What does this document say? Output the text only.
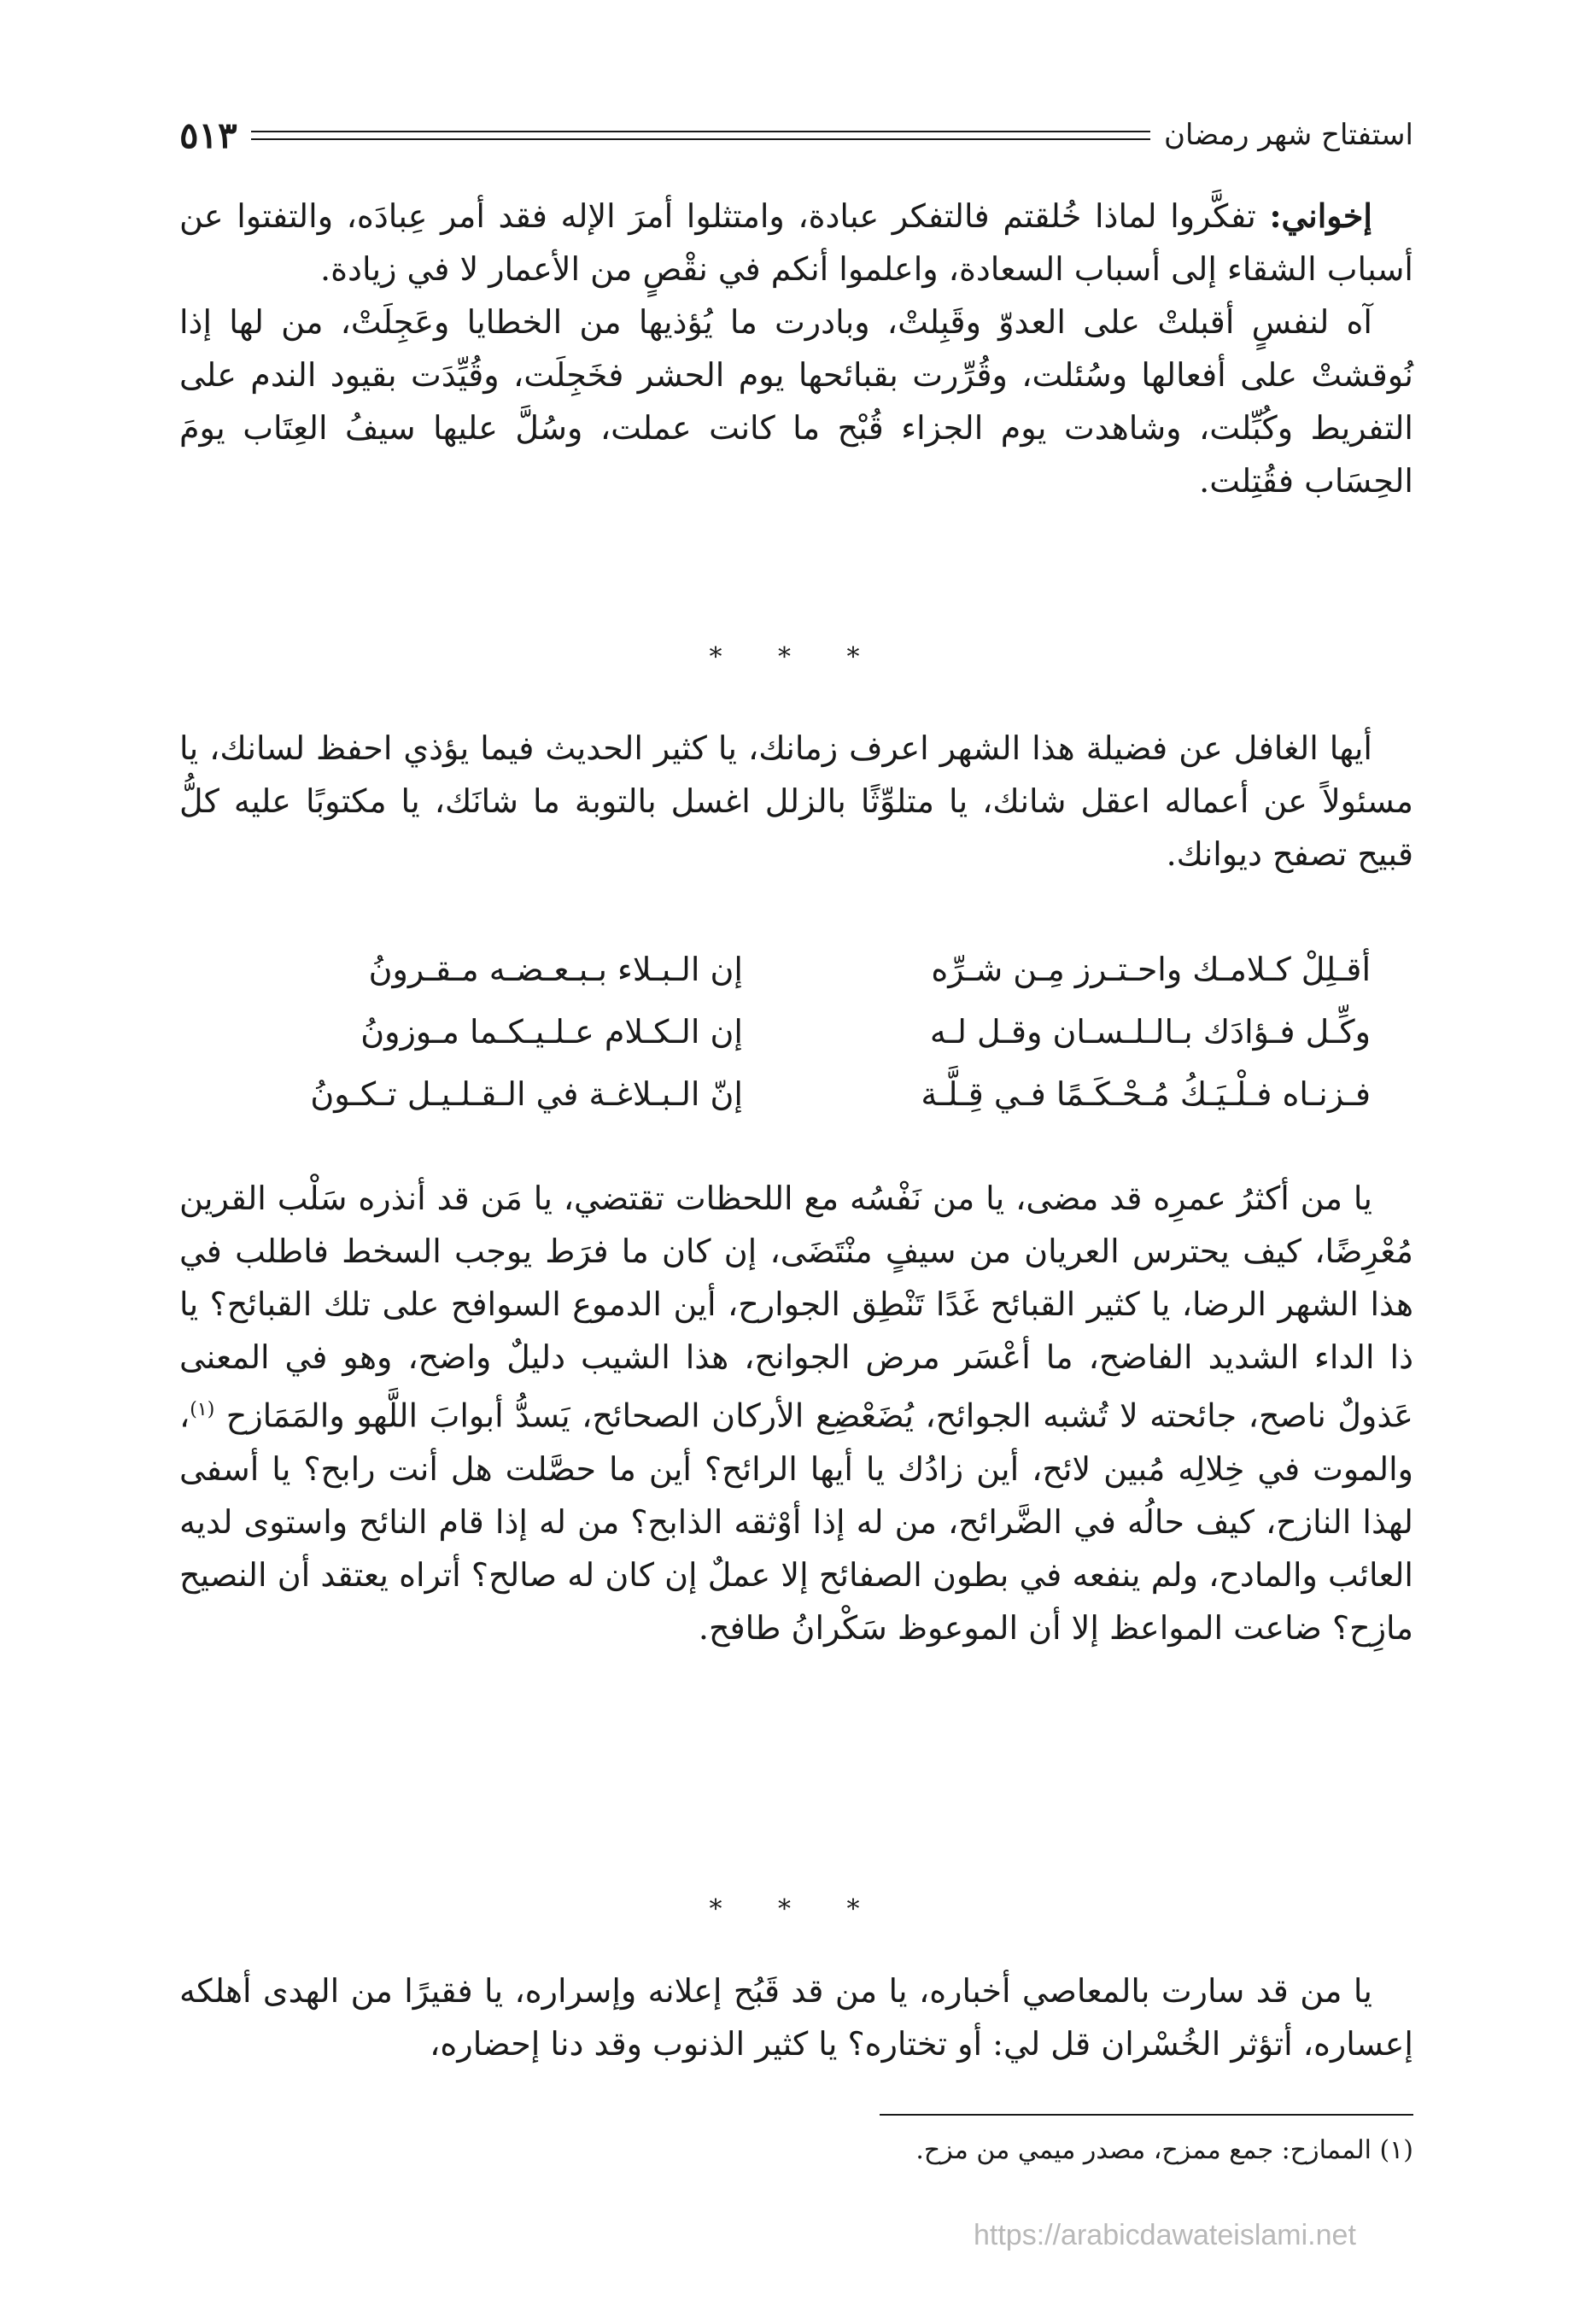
استفتاح شهر رمضان
٥١٣

إخواني: تفكَّروا لماذا خُلقتم فالتفكر عبادة، وامتثلوا أمرَ الإله فقد أمر عِبادَه، والتفتوا عن أسباب الشقاء إلى أسباب السعادة، واعلموا أنكم في نقْصٍ من الأعمار لا في زيادة.

آه لنفسٍ أقبلتْ على العدوّ وقَبِلتْ، وبادرت ما يُؤذيها من الخطايا وعَجِلَتْ، من لها إذا نُوقشتْ على أفعالها وسُئلت، وقُرِّرت بقبائحها يوم الحشر فخَجِلَت، وقُيِّدَت بقيود الندم على التفريط وكُبِّلت، وشاهدت يوم الجزاء قُبْح ما كانت عملت، وسُلَّ عليها سيفُ العِتَاب يومَ الحِسَاب فقُتِلت.

* * *

أيها الغافل عن فضيلة هذا الشهر اعرف زمانك، يا كثير الحديث فيما يؤذي احفظ لسانك، يا مسئولاً عن أعماله اعقل شانك، يا متلوِّثًا بالزلل اغسل بالتوبة ما شانَك، يا مكتوبًا عليه كلُّ قبيح تصفح ديوانك.

أقـلِلْ كـلامـك واحـتـرز مِـن شـرِّه
إن الـبـلاء بـبـعـضـه مـقـرونُ
وكِّـل فـؤادَك بـالـلـسـان وقـل لـه
إن الـكـلام عـلـيـكـما مـوزونُ
فـزنـاه فـلْـيَـكُ مُـحْـكَـمًا فـي قِـلَّـة
إنّ الـبـلاغـة في الـقـلـيـل تـكـونُ

يا من أكثرُ عمرِه قد مضى، يا من نَفْسُه مع اللحظات تقتضي، يا مَن قد أنذره سَلْب القرين مُعْرِضًا، كيف يحترس العريان من سيفٍ منْتَضَى، إن كان ما فرَط يوجب السخط فاطلب في هذا الشهر الرضا، يا كثير القبائح غَدًا تَنْطِق الجوارح، أين الدموع السوافح على تلك القبائح؟ يا ذا الداء الشديد الفاضح، ما أعْسَر مرض الجوانح، هذا الشيب دليلٌ واضح، وهو في المعنى عَذولٌ ناصح، جائحته لا تُشبه الجوائح، يُضَعْضِع الأركان الصحائح، يَسدُّ أبوابَ اللَّهو والمَمَازح $^{(١)}$، والموت في خِلالِه مُبين لائح، أين زادُك يا أيها الرائح؟ أين ما حصَّلت هل أنت رابح؟ يا أسفى لهذا النازح، كيف حالُه في الضَّرائح، من له إذا أوْثقه الذابح؟ من له إذا قام النائح واستوى لديه العائب والمادح، ولم ينفعه في بطون الصفائح إلا عملٌ إن كان له صالح؟ أتراه يعتقد أن النصيح مازِح؟ ضاعت المواعظ إلا أن الموعوظ سَكْرانُ طافح.

* * *

يا من قد سارت بالمعاصي أخباره، يا من قد قَبُح إعلانه وإسراره، يا فقيرًا من الهدى أهلكه إعساره، أتؤثر الخُسْران قل لي: أو تختاره؟ يا كثير الذنوب وقد دنا إحضاره،

(١) الممازح: جمع ممزح، مصدر ميمي من مزح.
https://arabicdawateislami.net
